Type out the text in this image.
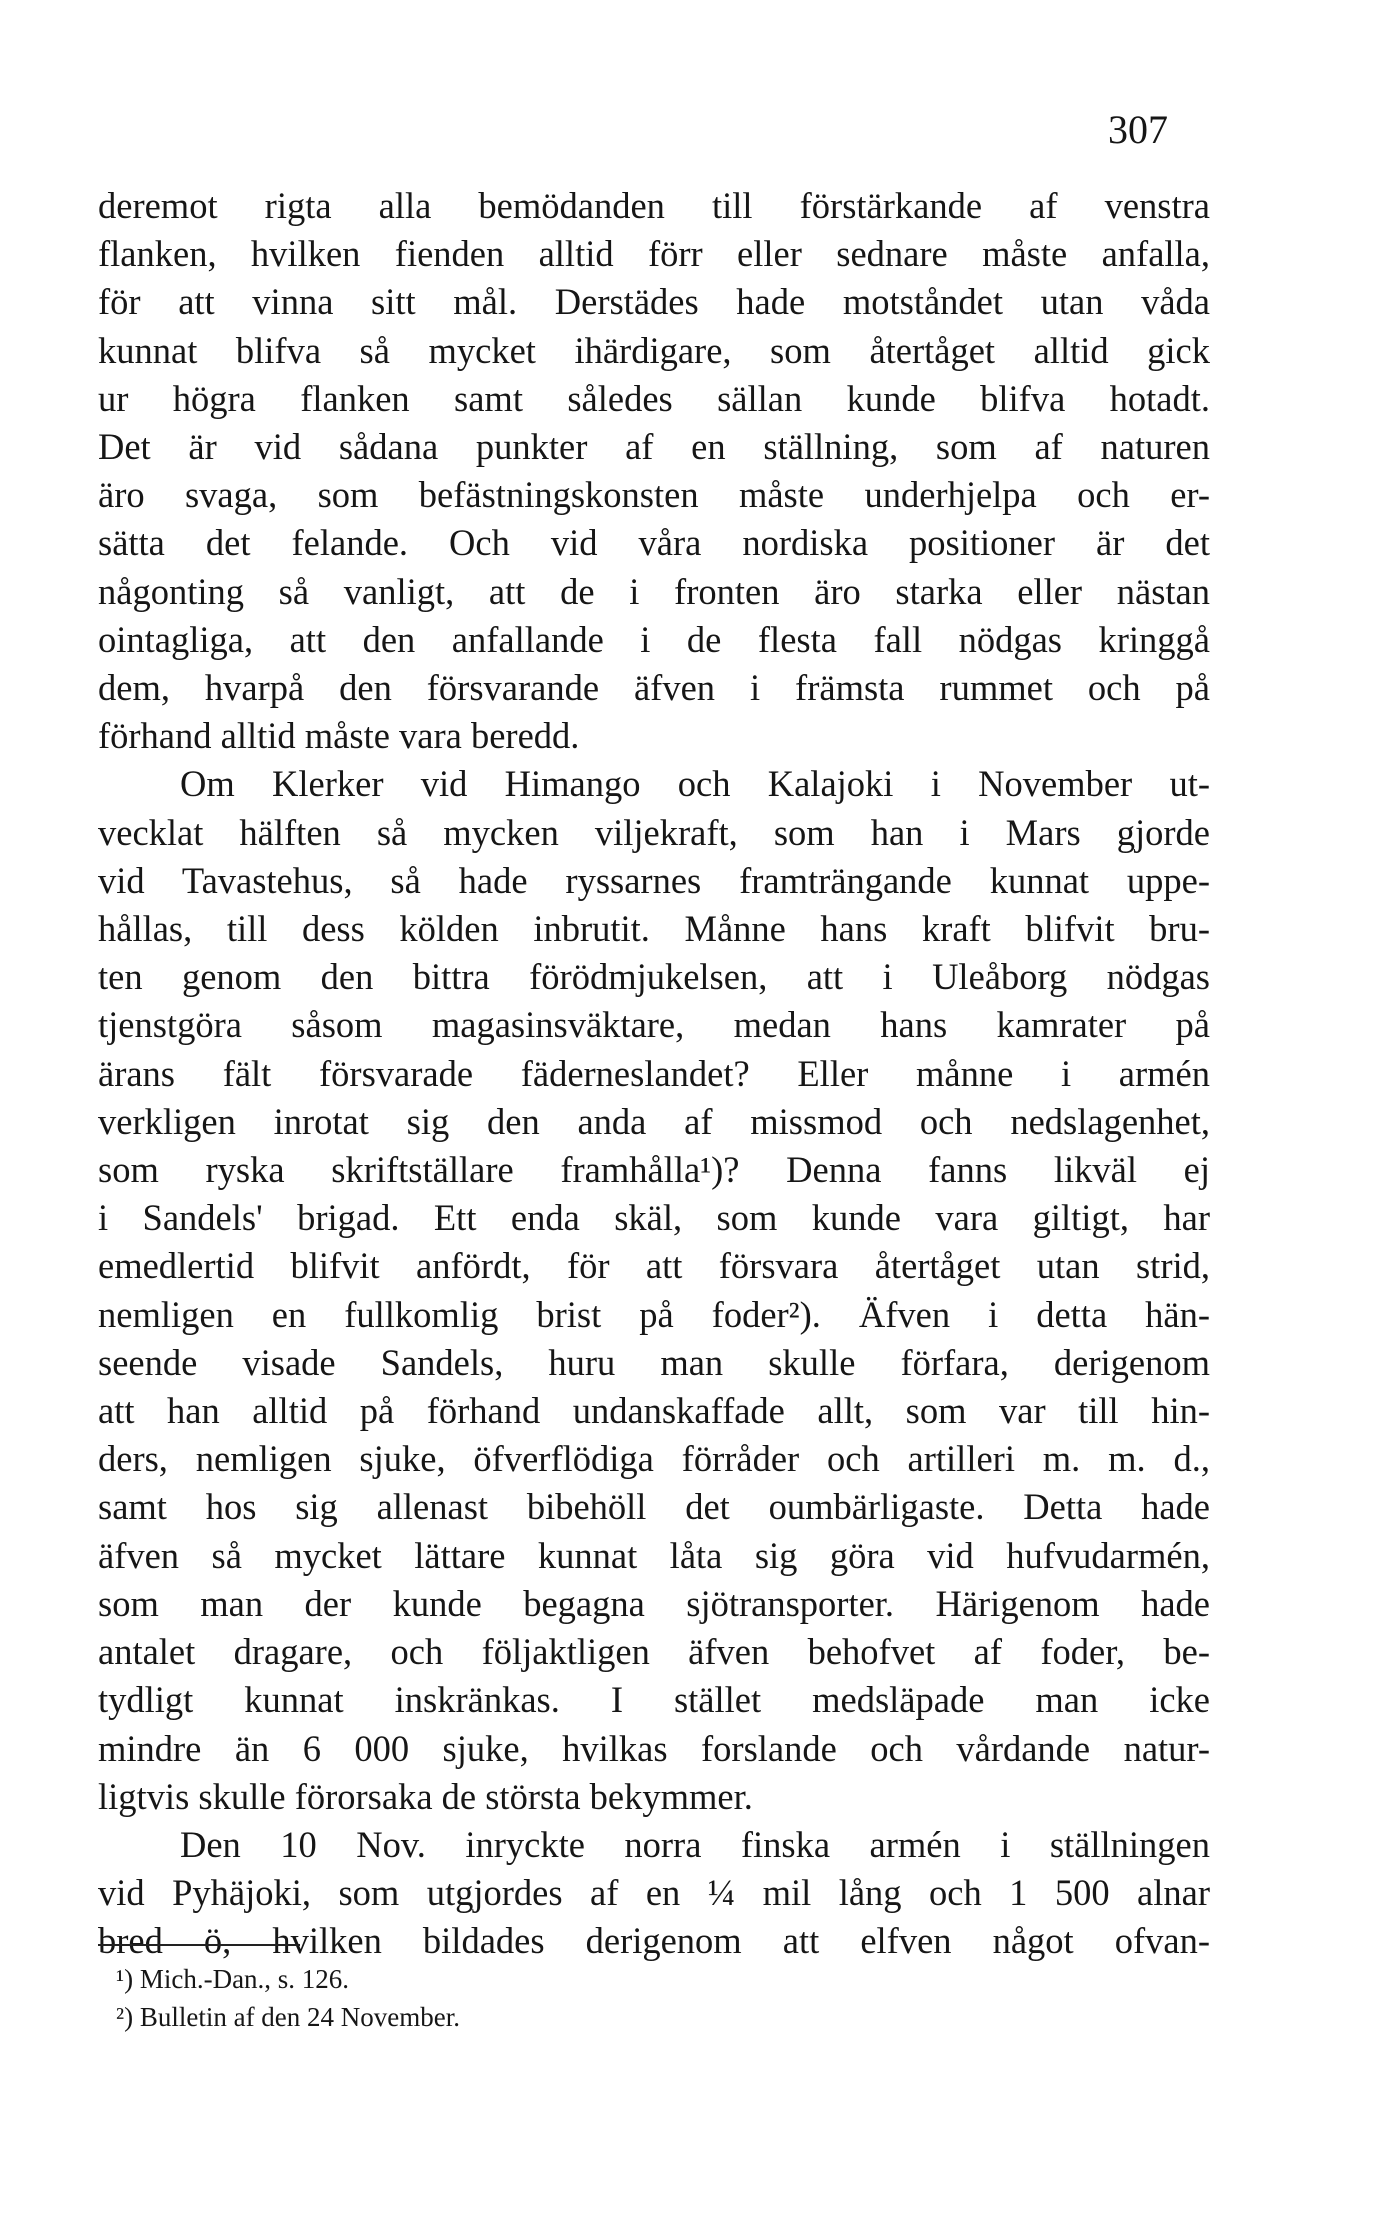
307

deremot rigta alla bemödanden till förstärkande af venstra
flanken, hvilken fienden alltid förr eller sednare måste anfalla,
för att vinna sitt mål. Derstädes hade motståndet utan våda
kunnat blifva så mycket ihärdigare, som återtåget alltid gick
ur högra flanken samt således sällan kunde blifva hotadt.
Det är vid sådana punkter af en ställning, som af naturen
äro svaga, som befästningskonsten måste underhjelpa och er-
sätta det felande. Och vid våra nordiska positioner är det
någonting så vanligt, att de i fronten äro starka eller nästan
ointagliga, att den anfallande i de flesta fall nödgas kringgå
dem, hvarpå den försvarande äfven i främsta rummet och på
förhand alltid måste vara beredd.

Om Klerker vid Himango och Kalajoki i November ut-
vecklat hälften så mycken viljekraft, som han i Mars gjorde
vid Tavastehus, så hade ryssarnes framträngande kunnat uppe-
hållas, till dess kölden inbrutit. Månne hans kraft blifvit bru-
ten genom den bittra förödmjukelsen, att i Uleåborg nödgas
tjenstgöra såsom magasinsväktare, medan hans kamrater på
ärans fält försvarade fäderneslandet? Eller månne i armén
verkligen inrotat sig den anda af missmod och nedslagenhet,
som ryska skriftställare framhålla¹)? Denna fanns likväl ej
i Sandels' brigad. Ett enda skäl, som kunde vara giltigt, har
emedlertid blifvit anfördt, för att försvara återtåget utan strid,
nemligen en fullkomlig brist på foder²). Äfven i detta hän-
seende visade Sandels, huru man skulle förfara, derigenom
att han alltid på förhand undanskaffade allt, som var till hin-
ders, nemligen sjuke, öfverflödiga förråder och artilleri m. m. d.,
samt hos sig allenast bibehöll det oumbärligaste. Detta hade
äfven så mycket lättare kunnat låta sig göra vid hufvudarmén,
som man der kunde begagna sjötransporter. Härigenom hade
antalet dragare, och följaktligen äfven behofvet af foder, be-
tydligt kunnat inskränkas. I stället medsläpade man icke
mindre än 6 000 sjuke, hvilkas forslande och vårdande natur-
ligtvis skulle förorsaka de största bekymmer.

Den 10 Nov. inryckte norra finska armén i ställningen
vid Pyhäjoki, som utgjordes af en ¼ mil lång och 1 500 alnar
bred ö, hvilken bildades derigenom att elfven något ofvan-

¹) Mich.-Dan., s. 126.
²) Bulletin af den 24 November.
